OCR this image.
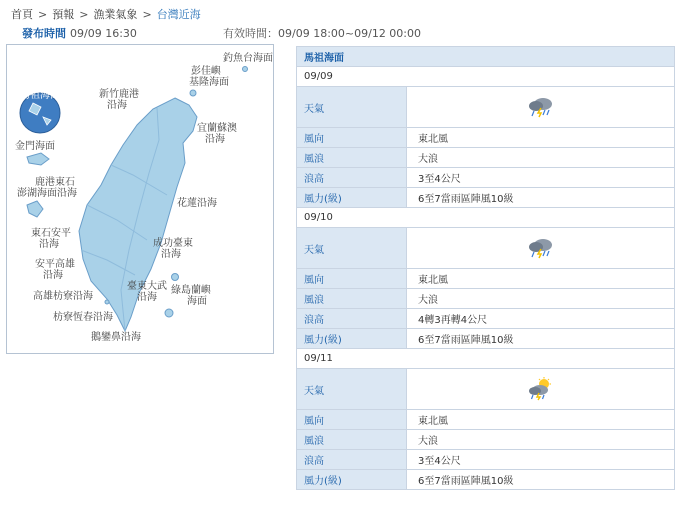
首頁 > 預報 > 漁業氣象 > 台灣近海
發布時間 09/09 16:30	有效時間：09/09 18:00~09/12 00:00
釣魚台海面
彭佳嶼
基隆海面
新竹鹿港
沿海
宜蘭蘇澳
沿海
馬祖海面
金門海面
鹿港東石
沿海
澎湖海面
花蓮沿海
東石安平
沿海	成功臺東
沿海
安平高雄
沿海
臺東大武
沿海
綠島蘭嶼
海面
高雄枋寮沿海
枋寮恆春沿海
鵝鑾鼻沿海
馬祖海面	
09/09	
天氣	
風向	東北風
風浪	大浪
浪高	3至4公尺
風力(級)	6至7當雨區陣風10級
09/10	
天氣	
風向	東北風
風浪	大浪
浪高	4轉3再轉4公尺
風力(級)	6至7當雨區陣風10級
09/11	
天氣	
風向	東北風
風浪	大浪
浪高	3至4公尺
風力(級)	6至7當雨區陣風10級
